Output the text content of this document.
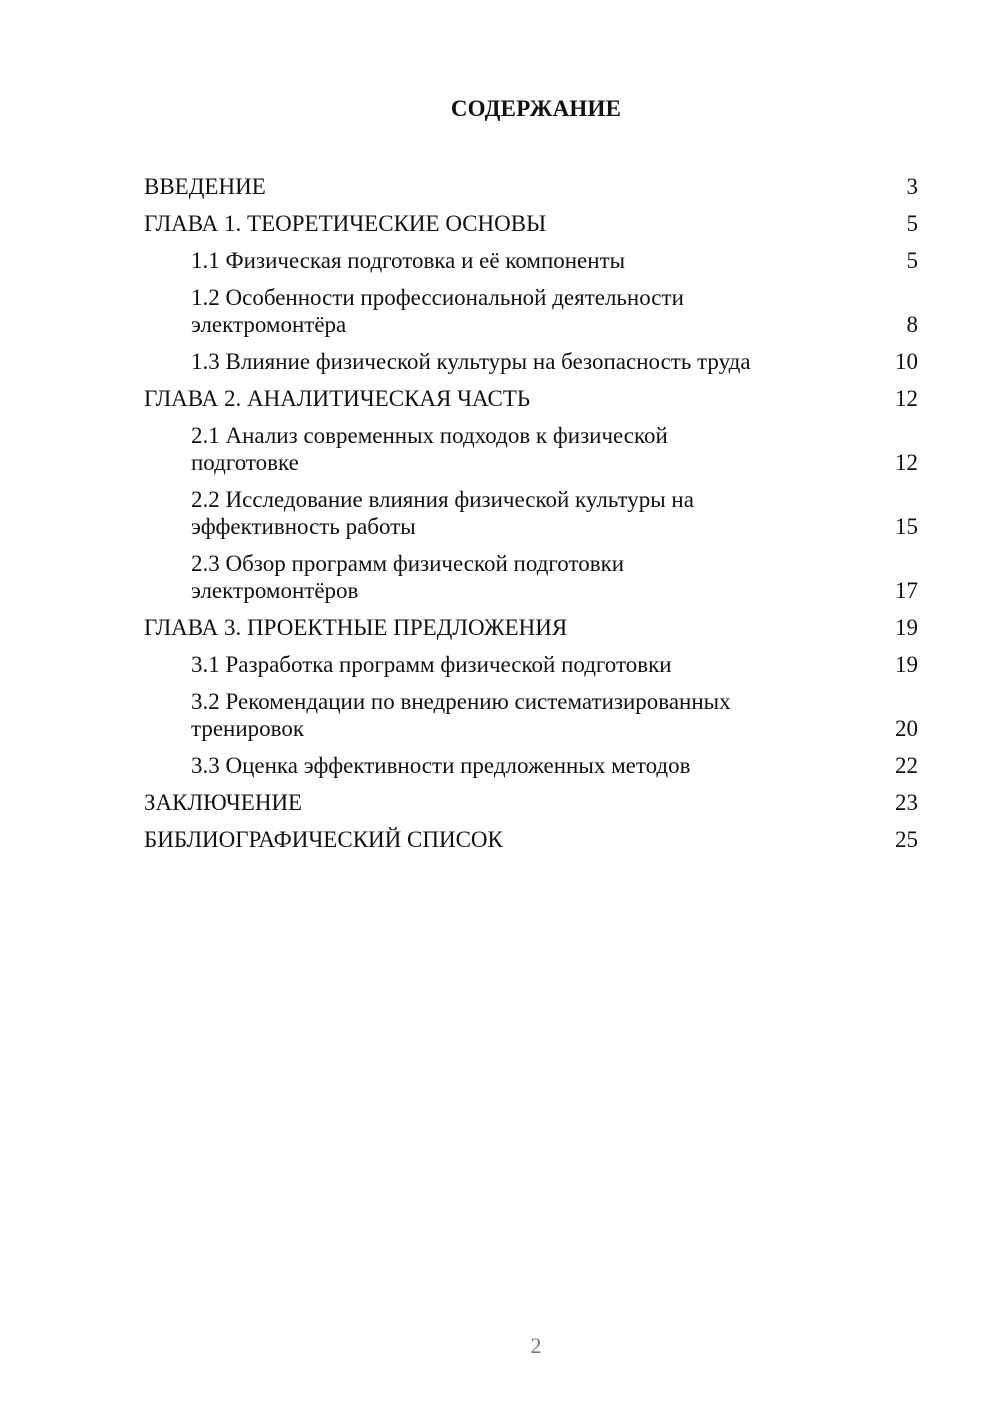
СОДЕРЖАНИЕ
ВВЕДЕНИЕ	3
ГЛАВА 1. ТЕОРЕТИЧЕСКИЕ ОСНОВЫ	5
1.1 Физическая подготовка и её компоненты	5
1.2 Особенности профессиональной деятельности электромонтёра	8
1.3 Влияние физической культуры на безопасность труда	10
ГЛАВА 2. АНАЛИТИЧЕСКАЯ ЧАСТЬ	12
2.1 Анализ современных подходов к физической подготовке	12
2.2 Исследование влияния физической культуры на эффективность работы	15
2.3 Обзор программ физической подготовки электромонтёров	17
ГЛАВА 3. ПРОЕКТНЫЕ ПРЕДЛОЖЕНИЯ	19
3.1 Разработка программ физической подготовки	19
3.2 Рекомендации по внедрению систематизированных тренировок	20
3.3 Оценка эффективности предложенных методов	22
ЗАКЛЮЧЕНИЕ	23
БИБЛИОГРАФИЧЕСКИЙ СПИСОК	25
2
